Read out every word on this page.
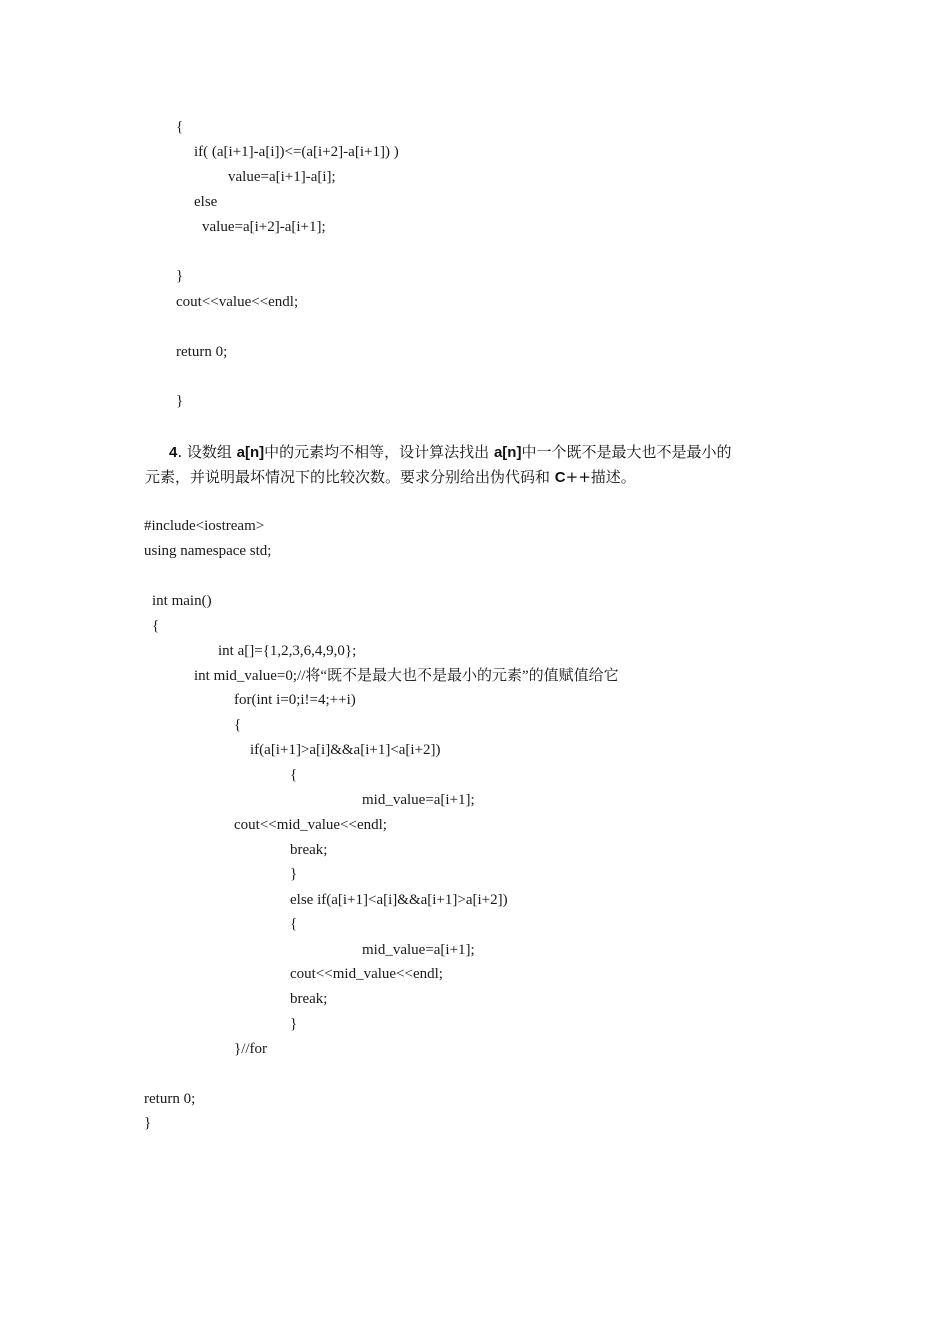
{
if( (a[i+1]-a[i])<=(a[i+2]-a[i+1]) )
value=a[i+1]-a[i];
else
value=a[i+2]-a[i+1];
}
cout<<value<<endl;
return 0;
}
4. 设数组 a[n]中的元素均不相等，设计算法找出 a[n]中一个既不是最大也不是最小的
元素，并说明最坏情况下的比较次数。要求分别给出伪代码和 C++描述。
#include<iostream>
using namespace std;
int main()
{
int a[]={1,2,3,6,4,9,0};
int mid_value=0;//将“既不是最大也不是最小的元素”的值赋值给它
for(int i=0;i!=4;++i)
{
if(a[i+1]>a[i]&&a[i+1]<a[i+2])
{
mid_value=a[i+1];
cout<<mid_value<<endl;
break;
}
else if(a[i+1]<a[i]&&a[i+1]>a[i+2])
{
mid_value=a[i+1];
cout<<mid_value<<endl;
break;
}
}//for
return 0;
}
